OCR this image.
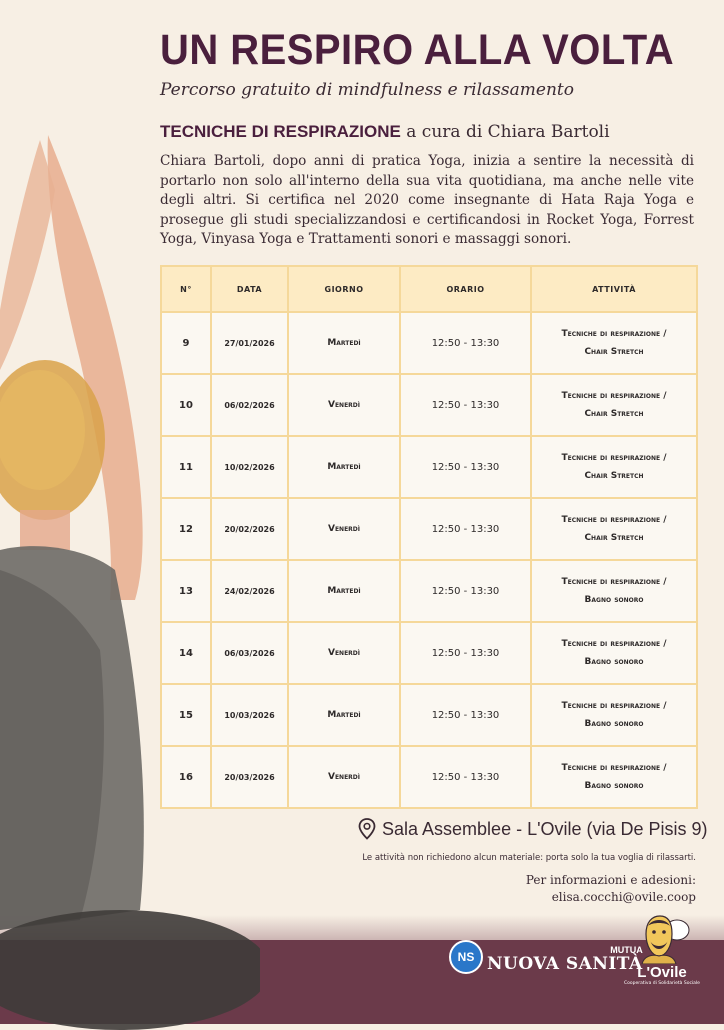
UN RESPIRO ALLA VOLTA
Percorso gratuito di mindfulness e rilassamento
TECNICHE DI RESPIRAZIONE a cura di Chiara Bartoli
Chiara Bartoli, dopo anni di pratica Yoga, inizia a sentire la necessità di portarlo non solo all'interno della sua vita quotidiana, ma anche nelle vite degli altri. Si certifica nel 2020 come insegnante di Hata Raja Yoga e prosegue gli studi specializzandosi e certificandosi in Rocket Yoga, Forrest Yoga, Vinyasa Yoga e Trattamenti sonori e massaggi sonori.
N°	DATA	GIORNO	ORARIO	ATTIVITÀ
9	27/01/2026	Martedì	12:50 - 13:30	Tecniche di respirazione /
Chair Stretch
10	06/02/2026	Venerdì	12:50 - 13:30	Tecniche di respirazione /
Chair Stretch
11	10/02/2026	Martedì	12:50 - 13:30	Tecniche di respirazione /
Chair Stretch
12	20/02/2026	Venerdì	12:50 - 13:30	Tecniche di respirazione /
Chair Stretch
13	24/02/2026	Martedì	12:50 - 13:30	Tecniche di respirazione /
Bagno sonoro
14	06/03/2026	Venerdì	12:50 - 13:30	Tecniche di respirazione /
Bagno sonoro
15	10/03/2026	Martedì	12:50 - 13:30	Tecniche di respirazione /
Bagno sonoro
16	20/03/2026	Venerdì	12:50 - 13:30	Tecniche di respirazione /
Bagno sonoro
Sala Assemblee - L'Ovile (via De Pisis 9)
Le attività non richiedono alcun materiale: porta solo la tua voglia di rilassarti.
Per informazioni e adesioni:
elisa.cocchi@ovile.coop
NS	MUTUA
NUOVA SANITÀ
L'Ovile
Cooperativa di Solidarietà Sociale
